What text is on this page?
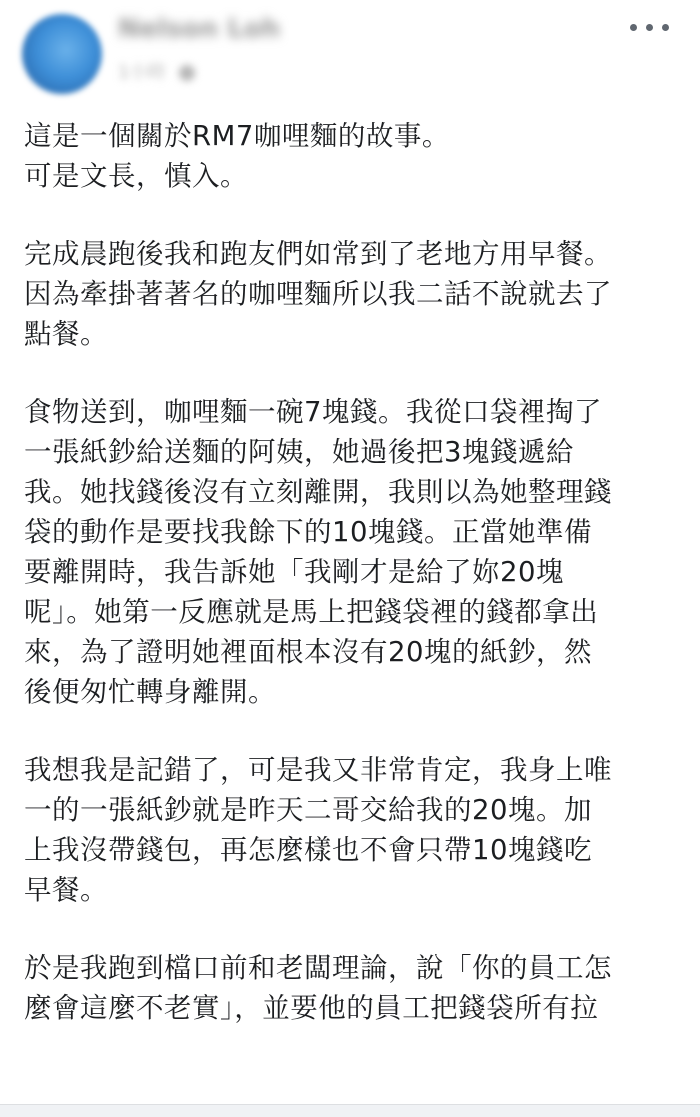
Nelson Loh
1小時

這是一個關於RM7咖哩麵的故事。
可是文長，慎入。

完成晨跑後我和跑友們如常到了老地方用早餐。
因為牽掛著著名的咖哩麵所以我二話不說就去了
點餐。

食物送到，咖哩麵一碗7塊錢。我從口袋裡掏了
一張紙鈔給送麵的阿姨，她過後把3塊錢遞給
我。她找錢後沒有立刻離開，我則以為她整理錢
袋的動作是要找我餘下的10塊錢。正當她準備
要離開時，我告訴她「我剛才是給了妳20塊
呢」。她第一反應就是馬上把錢袋裡的錢都拿出
來，為了證明她裡面根本沒有20塊的紙鈔，然
後便匆忙轉身離開。

我想我是記錯了，可是我又非常肯定，我身上唯
一的一張紙鈔就是昨天二哥交給我的20塊。加
上我沒帶錢包，再怎麼樣也不會只帶10塊錢吃
早餐。

於是我跑到檔口前和老闆理論，說「你的員工怎
麼會這麼不老實」，並要他的員工把錢袋所有拉
